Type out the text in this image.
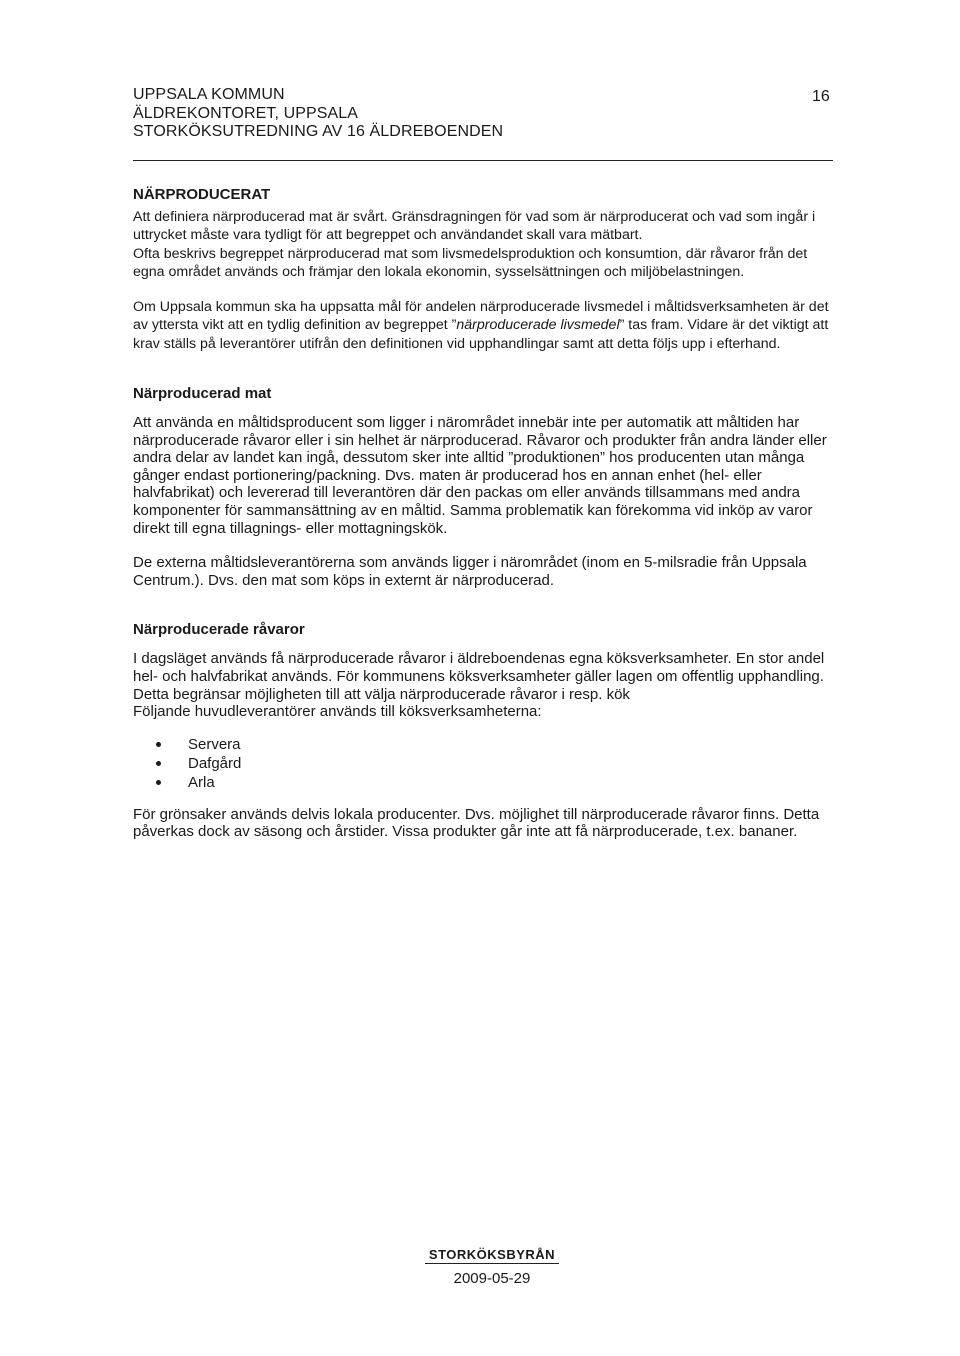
UPPSALA KOMMUN
ÄLDREKONTORET, UPPSALA
STORKÖKSUTREDNING AV 16 ÄLDREBOENDEN
16
NÄRPRODUCERAT

Att definiera närproducerad mat är svårt. Gränsdragningen för vad som är närproducerat och vad som ingår i uttrycket måste vara tydligt för att begreppet och användandet skall vara mätbart.

Ofta beskrivs begreppet närproducerad mat som livsmedelsproduktion och konsumtion, där råvaror från det egna området används och främjar den lokala ekonomin, sysselsättningen och miljöbelastningen.

Om Uppsala kommun ska ha uppsatta mål för andelen närproducerade livsmedel i måltidsverksamheten är det av yttersta vikt att en tydlig definition av begreppet ”närproducerade livsmedel” tas fram. Vidare är det viktigt att krav ställs på leverantörer utifrån den definitionen vid upphandlingar samt att detta följs upp i efterhand.

Närproducerad mat

Att använda en måltidsproducent som ligger i närområdet innebär inte per automatik att måltiden har närproducerade råvaror eller i sin helhet är närproducerad. Råvaror och produkter från andra länder eller andra delar av landet kan ingå, dessutom sker inte alltid ”produktionen” hos producenten utan många gånger endast portionering/packning. Dvs. maten är producerad hos en annan enhet (hel- eller halvfabrikat) och levererad till leverantören där den packas om eller används tillsammans med andra komponenter för sammansättning av en måltid. Samma problematik kan förekomma vid inköp av varor direkt till egna tillagnings- eller mottagningskök.

De externa måltidsleverantörerna som används ligger i närområdet (inom en 5-milsradie från Uppsala Centrum.). Dvs. den mat som köps in externt är närproducerad.

Närproducerade råvaror

I dagsläget används få närproducerade råvaror i äldreboendenas egna köksverksamheter. En stor andel hel- och halvfabrikat används. För kommunens köksverksamheter gäller lagen om offentlig upphandling. Detta begränsar möjligheten till att välja närproducerade råvaror i resp. kök

Följande huvudleverantörer används till köksverksamheterna:

Servera
Dafgård
Arla

För grönsaker används delvis lokala producenter. Dvs. möjlighet till närproducerade råvaror finns. Detta påverkas dock av säsong och årstider. Vissa produkter går inte att få närproducerade, t.ex. bananer.

STORKÖKSBYRÅN
2009-05-29
